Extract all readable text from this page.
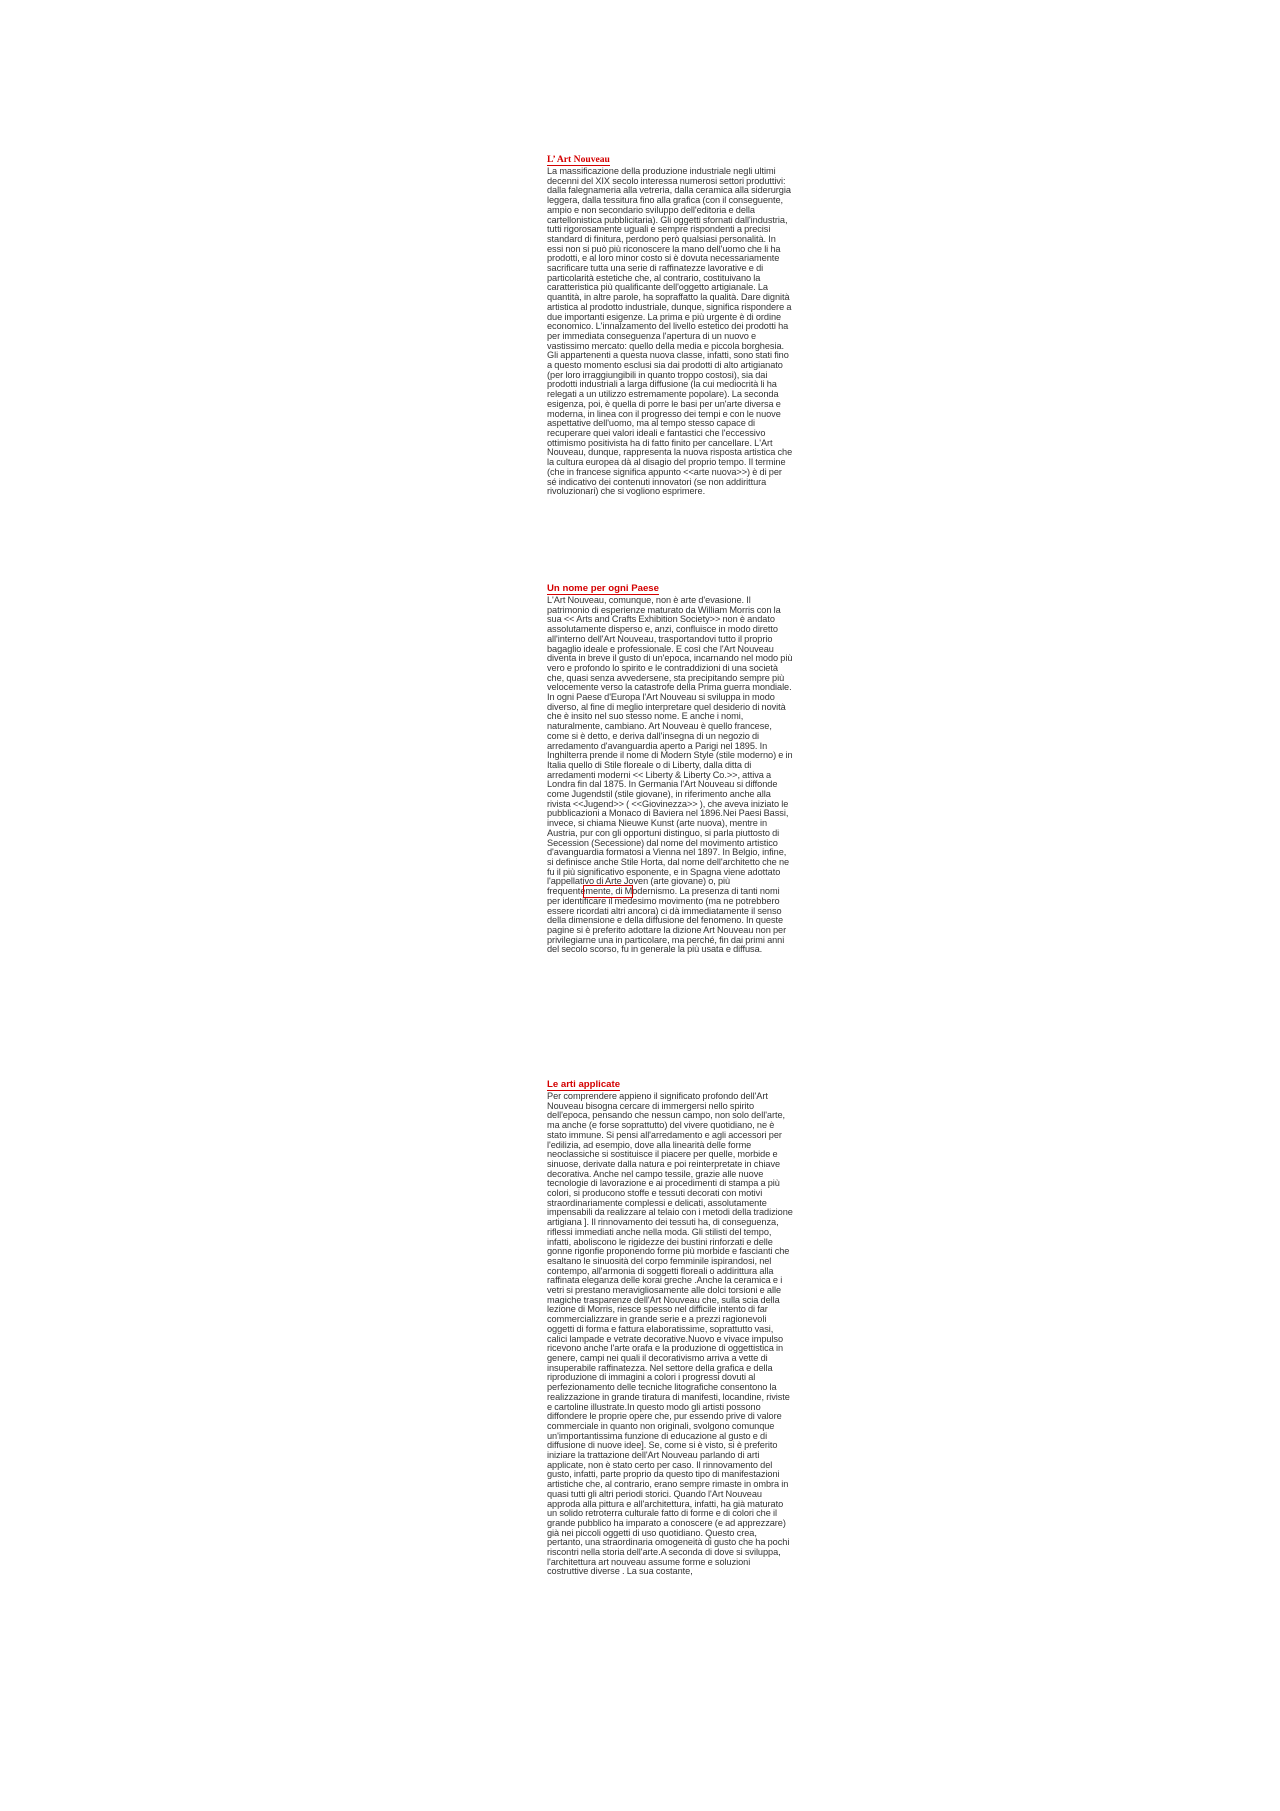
L’ Art Nouveau

La massificazione della produzione industriale negli ultimi decenni del XIX secolo interessa numerosi settori produttivi: dalla falegnameria alla vetreria, dalla ceramica alla siderurgia leggera, dalla tessitura fino alla grafica (con il conseguente, ampio e non secondario sviluppo dell'editoria e della cartellonistica pubblicitaria). Gli oggetti sfornati dall'industria, tutti rigorosamente uguali e sempre rispondenti a precisi standard di finitura, perdono però qualsiasi personalità. In essi non si può più riconoscere la mano dell'uomo che li ha prodotti, e al loro minor costo si è dovuta necessariamente sacrificare tutta una serie di raffinatezze lavorative e di particolarità estetiche che, al contrario, costituivano la caratteristica più qualificante dell'oggetto artigianale. La quantità, in altre parole, ha sopraffatto la qualità. Dare dignità artistica al prodotto industriale, dunque, significa rispondere a due importanti esigenze. La prima e più urgente è di ordine economico. L'innalzamento del livello estetico dei prodotti ha per immediata conseguenza l'apertura di un nuovo e vastissimo mercato: quello della media e piccola borghesia. Gli appartenenti a questa nuova classe, infatti, sono stati fino a questo momento esclusi sia dai prodotti di alto artigianato (per loro irraggiungibili in quanto troppo costosi), sia dai prodotti industriali a larga diffusione (la cui mediocrità li ha relegati a un utilizzo estremamente popolare). La seconda esigenza, poi, è quella di porre le basi per un'arte diversa e moderna, in linea con il progresso dei tempi e con le nuove aspettative dell'uomo, ma al tempo stesso capace di recuperare quei valori ideali e fantastici che l'eccessivo ottimismo positivista ha di fatto finito per cancellare. L'Art Nouveau, dunque, rappresenta la nuova risposta artistica che la cultura europea dà al disagio del proprio tempo. Il termine (che in francese significa appunto <<arte nuova>>) è di per sé indicativo dei contenuti innovatori (se non addirittura rivoluzionari) che si vogliono esprimere.

Un nome per ogni Paese

L'Art Nouveau, comunque, non è arte d'evasione. Il patrimonio di esperienze maturato da William Morris con la sua << Arts and Crafts Exhibition Society>> non è andato assolutamente disperso e, anzi, confluisce in modo diretto all'interno dell'Art Nouveau, trasportandovi tutto il proprio bagaglio ideale e professionale. E così che l'Art Nouveau diventa in breve il gusto di un'epoca, incarnando nel modo più vero e profondo lo spirito e le contraddizioni di una società che, quasi senza avvedersene, sta precipitando sempre più velocemente verso la catastrofe della Prima guerra mondiale. In ogni Paese d'Europa l'Art Nouveau si sviluppa in modo diverso, al fine di meglio interpretare quel desiderio di novità che è insito nel suo stesso nome. E anche i nomi, naturalmente, cambiano. Art Nouveau è quello francese, come si è detto, e deriva dall'insegna di un negozio di arredamento d'avanguardia aperto a Parigi nel 1895. In Inghilterra prende il nome di Modern Style (stile moderno) e in Italia quello di Stile floreale o di Liberty, dalla ditta di arredamenti moderni << Liberty & Liberty Co.>>, attiva a Londra fin dal 1875. In Germania l'Art Nouveau si diffonde come Jugendstil (stile giovane), in riferimento anche alla rivista <<Jugend>> ( <<Giovinezza>> ), che aveva iniziato le pubblicazioni a Monaco di Baviera nel 1896.Nei Paesi Bassi, invece, si chiama Nieuwe Kunst (arte nuova), mentre in Austria, pur con gli opportuni distinguo, si parla piuttosto di Secession (Secessione) dal nome del movimento artistico d'avanguardia formatosi a Vienna nel 1897. In Belgio, infine, si definisce anche Stile Horta, dal nome dell'architetto che ne fu il più significativo esponente, e in Spagna viene adottato l'appellativo di Arte Joven (arte giovane) o, più frequentemente, di Modernismo. La presenza di tanti nomi per identificare il medesimo movimento (ma ne potrebbero essere ricordati altri ancora) ci dà immediatamente il senso della dimensione e della diffusione del fenomeno. In queste pagine si è preferito adottare la dizione Art Nouveau non per privilegiarne una in particolare, ma perché, fin dai primi anni del secolo scorso, fu in generale la più usata e diffusa.

Le arti applicate

Per comprendere appieno il significato profondo dell'Art Nouveau bisogna cercare di immergersi nello spirito dell'epoca, pensando che nessun campo, non solo dell'arte, ma anche (e forse soprattutto) del vivere quotidiano, ne è stato immune. Si pensi all'arredamento e agli accessori per l'edilizia, ad esempio, dove alla linearità delle forme neoclassiche si sostituisce il piacere per quelle, morbide e sinuose, derivate dalla natura e poi reinterpretate in chiave decorativa. Anche nel campo tessile, grazie alle nuove tecnologie di lavorazione e ai procedimenti di stampa a più colori, si producono stoffe e tessuti decorati con motivi straordinariamente complessi e delicati, assolutamente impensabili da realizzare al telaio con i metodi della tradizione artigiana ]. Il rinnovamento dei tessuti ha, di conseguenza, riflessi immediati anche nella moda. Gli stilisti del tempo, infatti, aboliscono le rigidezze dei bustini rinforzati e delle gonne rigonfie proponendo forme più morbide e fascianti che esaltano le sinuosità del corpo femminile ispirandosi, nel contempo, all'armonia di soggetti floreali o addirittura alla raffinata eleganza delle korai greche .Anche la ceramica e i vetri si prestano meravigliosamente alle dolci torsioni e alle magiche trasparenze dell'Art Nouveau che, sulla scia della lezione di Morris, riesce spesso nel difficile intento di far commercializzare in grande serie e a prezzi ragionevoli oggetti di forma e fattura elaboratissime, soprattutto vasi, calici lampade e vetrate decorative.Nuovo e vivace impulso ricevono anche l'arte orafa e la produzione di oggettistica in genere, campi nei quali il decorativismo arriva a vette di insuperabile raffinatezza. Nel settore della grafica e della riproduzione di immagini a colori i progressi dovuti al perfezionamento delle tecniche litografiche consentono la realizzazione in grande tiratura di manifesti, locandine, riviste e cartoline illustrate.In questo modo gli artisti possono diffondere le proprie opere che, pur essendo prive di valore commerciale in quanto non originali, svolgono comunque un'importantissima funzione di educazione al gusto e di diffusione di nuove idee]. Se, come si è visto, si è preferito iniziare la trattazione dell'Art Nouveau parlando di arti applicate, non è stato certo per caso. Il rinnovamento del gusto, infatti, parte proprio da questo tipo di manifestazioni artistiche che, al contrario, erano sempre rimaste in ombra in quasi tutti gli altri periodi storici. Quando l'Art Nouveau approda alla pittura e all'architettura, infatti, ha già maturato un solido retroterra culturale fatto di forme e di colori che il grande pubblico ha imparato a conoscere (e ad apprezzare) già nei piccoli oggetti di uso quotidiano. Questo crea, pertanto, una straordinaria omogeneità di gusto che ha pochi riscontri nella storia dell'arte.A seconda di dove si sviluppa, l'architettura art nouveau assume forme e soluzioni costruttive diverse . La sua costante,
